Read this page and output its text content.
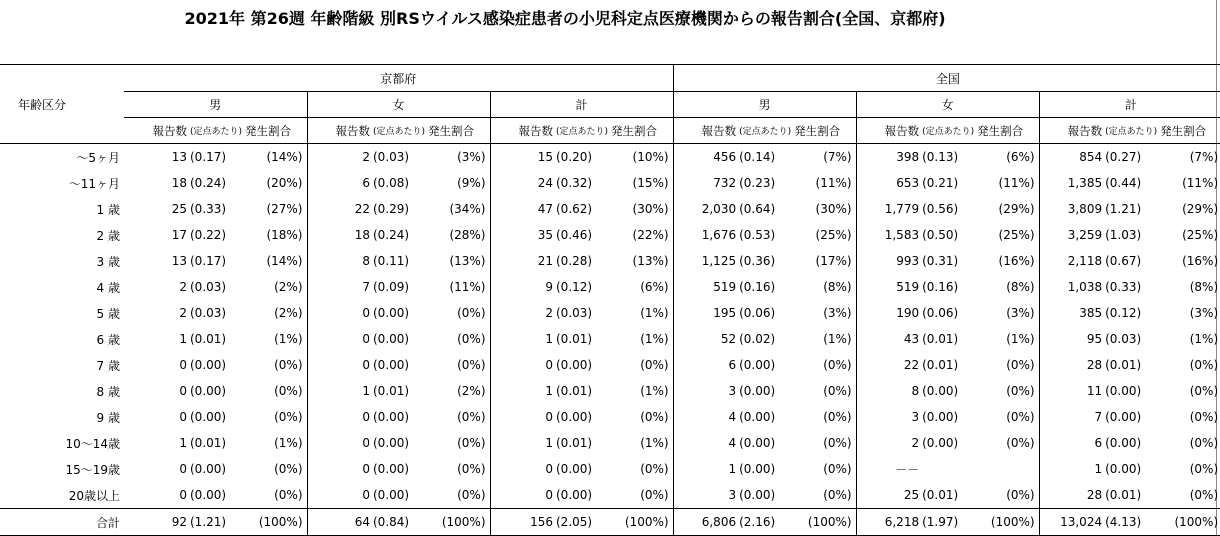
2021年 第26週 年齢階級 別RSウイルス感染症患者の小児科定点医療機関からの報告割合(全国、京都府)
年齢区分	京都府									全国								
	男			女			計			男			女			計		
	報告数	(定点あたり)	発生割合	報告数	(定点あたり)	発生割合	報告数	(定点あたり)	発生割合	報告数	(定点あたり)	発生割合	報告数	(定点あたり)	発生割合	報告数	(定点あたり)	発生割合
～5ヶ月	13	(0.17)	(14%)	2	(0.03)	(3%)	15	(0.20)	(10%)	456	(0.14)	(7%)	398	(0.13)	(6%)	854	(0.27)	(7%)
～11ヶ月	18	(0.24)	(20%)	6	(0.08)	(9%)	24	(0.32)	(15%)	732	(0.23)	(11%)	653	(0.21)	(11%)	1,385	(0.44)	(11%)
1 歳	25	(0.33)	(27%)	22	(0.29)	(34%)	47	(0.62)	(30%)	2,030	(0.64)	(30%)	1,779	(0.56)	(29%)	3,809	(1.21)	(29%)
2 歳	17	(0.22)	(18%)	18	(0.24)	(28%)	35	(0.46)	(22%)	1,676	(0.53)	(25%)	1,583	(0.50)	(25%)	3,259	(1.03)	(25%)
3 歳	13	(0.17)	(14%)	8	(0.11)	(13%)	21	(0.28)	(13%)	1,125	(0.36)	(17%)	993	(0.31)	(16%)	2,118	(0.67)	(16%)
4 歳	2	(0.03)	(2%)	7	(0.09)	(11%)	9	(0.12)	(6%)	519	(0.16)	(8%)	519	(0.16)	(8%)	1,038	(0.33)	(8%)
5 歳	2	(0.03)	(2%)	0	(0.00)	(0%)	2	(0.03)	(1%)	195	(0.06)	(3%)	190	(0.06)	(3%)	385	(0.12)	(3%)
6 歳	1	(0.01)	(1%)	0	(0.00)	(0%)	1	(0.01)	(1%)	52	(0.02)	(1%)	43	(0.01)	(1%)	95	(0.03)	(1%)
7 歳	0	(0.00)	(0%)	0	(0.00)	(0%)	0	(0.00)	(0%)	6	(0.00)	(0%)	22	(0.01)	(0%)	28	(0.01)	(0%)
8 歳	0	(0.00)	(0%)	1	(0.01)	(2%)	1	(0.01)	(1%)	3	(0.00)	(0%)	8	(0.00)	(0%)	11	(0.00)	(0%)
9 歳	0	(0.00)	(0%)	0	(0.00)	(0%)	0	(0.00)	(0%)	4	(0.00)	(0%)	3	(0.00)	(0%)	7	(0.00)	(0%)
10～14歳	1	(0.01)	(1%)	0	(0.00)	(0%)	1	(0.01)	(1%)	4	(0.00)	(0%)	2	(0.00)	(0%)	6	(0.00)	(0%)
15～19歳	0	(0.00)	(0%)	0	(0.00)	(0%)	0	(0.00)	(0%)	1	(0.00)	(0%)	－－			1	(0.00)	(0%)
20歳以上	0	(0.00)	(0%)	0	(0.00)	(0%)	0	(0.00)	(0%)	3	(0.00)	(0%)	25	(0.01)	(0%)	28	(0.01)	(0%)
合計	92	(1.21)	(100%)	64	(0.84)	(100%)	156	(2.05)	(100%)	6,806	(2.16)	(100%)	6,218	(1.97)	(100%)	13,024	(4.13)	(100%)
